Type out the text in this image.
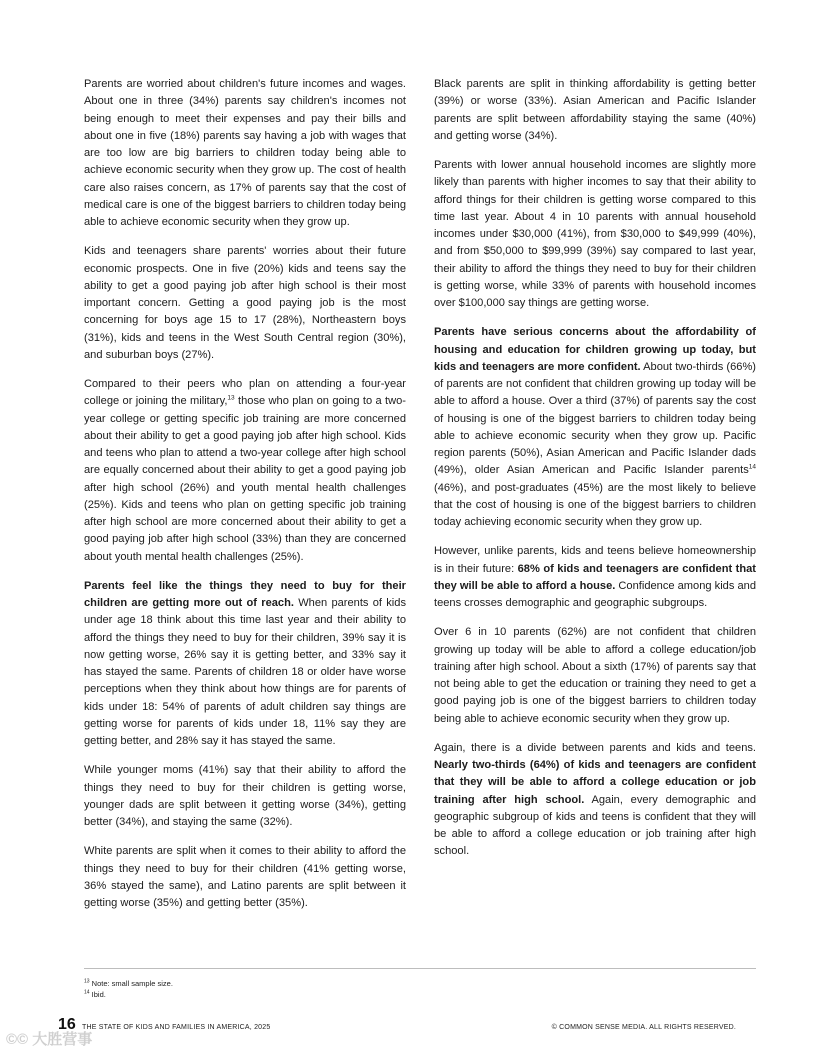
Parents are worried about children's future incomes and wages. About one in three (34%) parents say children's incomes not being enough to meet their expenses and pay their bills and about one in five (18%) parents say having a job with wages that are too low are big barriers to children today being able to achieve economic security when they grow up. The cost of health care also raises concern, as 17% of parents say that the cost of medical care is one of the biggest barriers to children today being able to achieve economic security when they grow up.

Kids and teenagers share parents' worries about their future economic prospects. One in five (20%) kids and teens say the ability to get a good paying job after high school is their most important concern. Getting a good paying job is the most concerning for boys age 15 to 17 (28%), Northeastern boys (31%), kids and teens in the West South Central region (30%), and suburban boys (27%).

Compared to their peers who plan on attending a four-year college or joining the military,$^{13}$ those who plan on going to a two-year college or getting specific job training are more concerned about their ability to get a good paying job after high school. Kids and teens who plan to attend a two-year college after high school are equally concerned about their ability to get a good paying job after high school (26%) and youth mental health challenges (25%). Kids and teens who plan on getting specific job training after high school are more concerned about their ability to get a good paying job after high school (33%) than they are concerned about youth mental health challenges (25%).

Parents feel like the things they need to buy for their children are getting more out of reach. When parents of kids under age 18 think about this time last year and their ability to afford the things they need to buy for their children, 39% say it is now getting worse, 26% say it is getting better, and 33% say it has stayed the same. Parents of children 18 or older have worse perceptions when they think about how things are for parents of kids under 18: 54% of parents of adult children say things are getting worse for parents of kids under 18, 11% say they are getting better, and 28% say it has stayed the same.

While younger moms (41%) say that their ability to afford the things they need to buy for their children is getting worse, younger dads are split between it getting worse (34%), getting better (34%), and staying the same (32%).

White parents are split when it comes to their ability to afford the things they need to buy for their children (41% getting worse, 36% stayed the same), and Latino parents are split between it getting worse (35%) and getting better (35%).

Black parents are split in thinking affordability is getting better (39%) or worse (33%). Asian American and Pacific Islander parents are split between affordability staying the same (40%) and getting worse (34%).

Parents with lower annual household incomes are slightly more likely than parents with higher incomes to say that their ability to afford things for their children is getting worse compared to this time last year. About 4 in 10 parents with annual household incomes under $30,000 (41%), from $30,000 to $49,999 (40%), and from $50,000 to $99,999 (39%) say compared to last year, their ability to afford the things they need to buy for their children is getting worse, while 33% of parents with household incomes over $100,000 say things are getting worse.

Parents have serious concerns about the affordability of housing and education for children growing up today, but kids and teenagers are more confident. About two-thirds (66%) of parents are not confident that children growing up today will be able to afford a house. Over a third (37%) of parents say the cost of housing is one of the biggest barriers to children today being able to achieve economic security when they grow up. Pacific region parents (50%), Asian American and Pacific Islander dads (49%), older Asian American and Pacific Islander parents$^{14}$ (46%), and post-graduates (45%) are the most likely to believe that the cost of housing is one of the biggest barriers to children today achieving economic security when they grow up.

However, unlike parents, kids and teens believe homeownership is in their future: 68% of kids and teenagers are confident that they will be able to afford a house. Confidence among kids and teens crosses demographic and geographic subgroups.

Over 6 in 10 parents (62%) are not confident that children growing up today will be able to afford a college education/job training after high school. About a sixth (17%) of parents say that not being able to get the education or training they need to get a good paying job is one of the biggest barriers to children today being able to achieve economic security when they grow up.

Again, there is a divide between parents and kids and teens. Nearly two-thirds (64%) of kids and teenagers are confident that they will be able to afford a college education or job training after high school. Again, every demographic and geographic subgroup of kids and teens is confident that they will be able to afford a college education or job training after high school.

$^{13}$ Note: small sample size.
$^{14}$ Ibid.
16 THE STATE OF KIDS AND FAMILIES IN AMERICA, 2025	© COMMON SENSE MEDIA. ALL RIGHTS RESERVED.
©© 大胜营事
